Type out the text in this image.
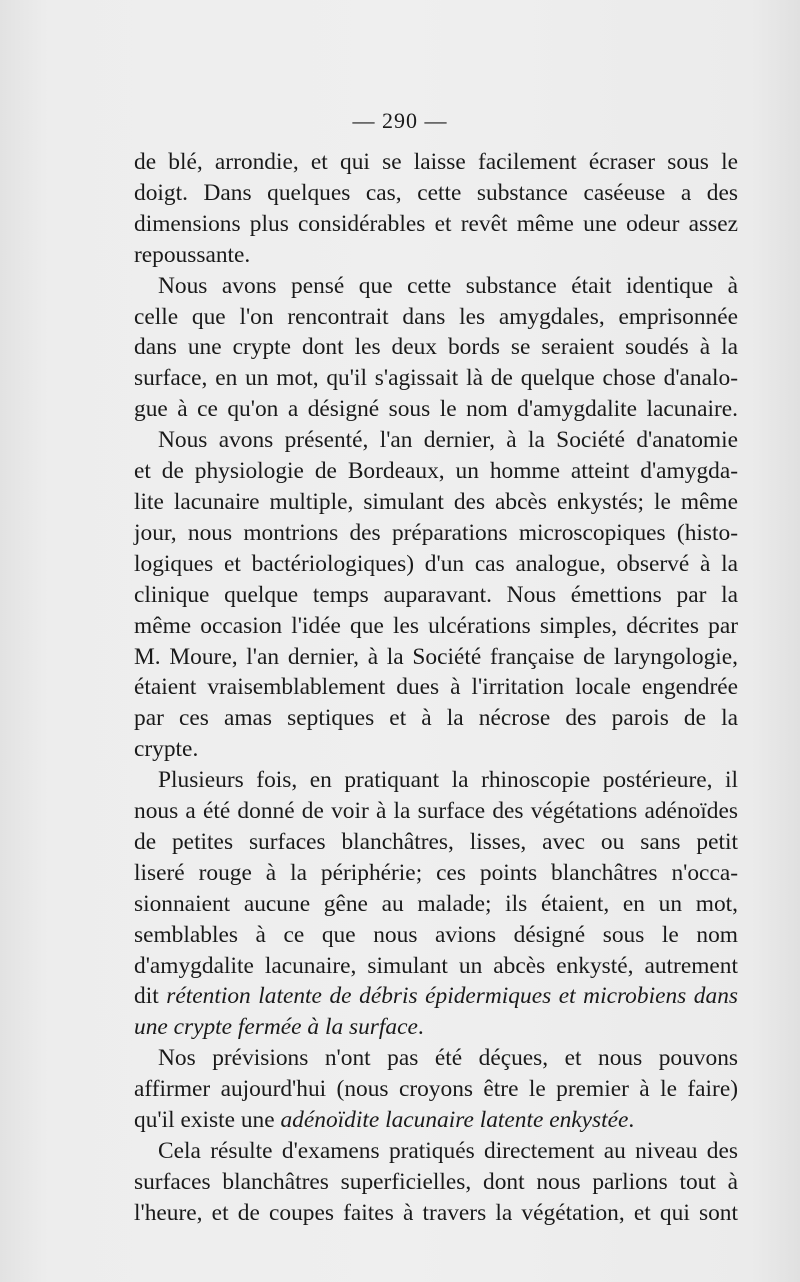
— 290 —

de blé, arrondie, et qui se laisse facilement écraser sous le
doigt. Dans quelques cas, cette substance caséeuse a des
dimensions plus considérables et revêt même une odeur assez
repoussante.

Nous avons pensé que cette substance était identique à
celle que l'on rencontrait dans les amygdales, emprisonnée
dans une crypte dont les deux bords se seraient soudés à la
surface, en un mot, qu'il s'agissait là de quelque chose d'analo-
gue à ce qu'on a désigné sous le nom d'amygdalite lacunaire.

Nous avons présenté, l'an dernier, à la Société d'anatomie
et de physiologie de Bordeaux, un homme atteint d'amygda-
lite lacunaire multiple, simulant des abcès enkystés; le même
jour, nous montrions des préparations microscopiques (histo-
logiques et bactériologiques) d'un cas analogue, observé à la
clinique quelque temps auparavant. Nous émettions par la
même occasion l'idée que les ulcérations simples, décrites par
M. Moure, l'an dernier, à la Société française de laryngologie,
étaient vraisemblablement dues à l'irritation locale engendrée
par ces amas septiques et à la nécrose des parois de la
crypte.

Plusieurs fois, en pratiquant la rhinoscopie postérieure, il
nous a été donné de voir à la surface des végétations adénoïdes
de petites surfaces blanchâtres, lisses, avec ou sans petit
liseré rouge à la périphérie; ces points blanchâtres n'occa-
sionnaient aucune gêne au malade; ils étaient, en un mot,
semblables à ce que nous avions désigné sous le nom
d'amygdalite lacunaire, simulant un abcès enkysté, autrement
dit rétention latente de débris épidermiques et microbiens dans
une crypte fermée à la surface.

Nos prévisions n'ont pas été déçues, et nous pouvons
affirmer aujourd'hui (nous croyons être le premier à le faire)
qu'il existe une adénoïdite lacunaire latente enkystée.

Cela résulte d'examens pratiqués directement au niveau des
surfaces blanchâtres superficielles, dont nous parlions tout à
l'heure, et de coupes faites à travers la végétation, et qui sont
